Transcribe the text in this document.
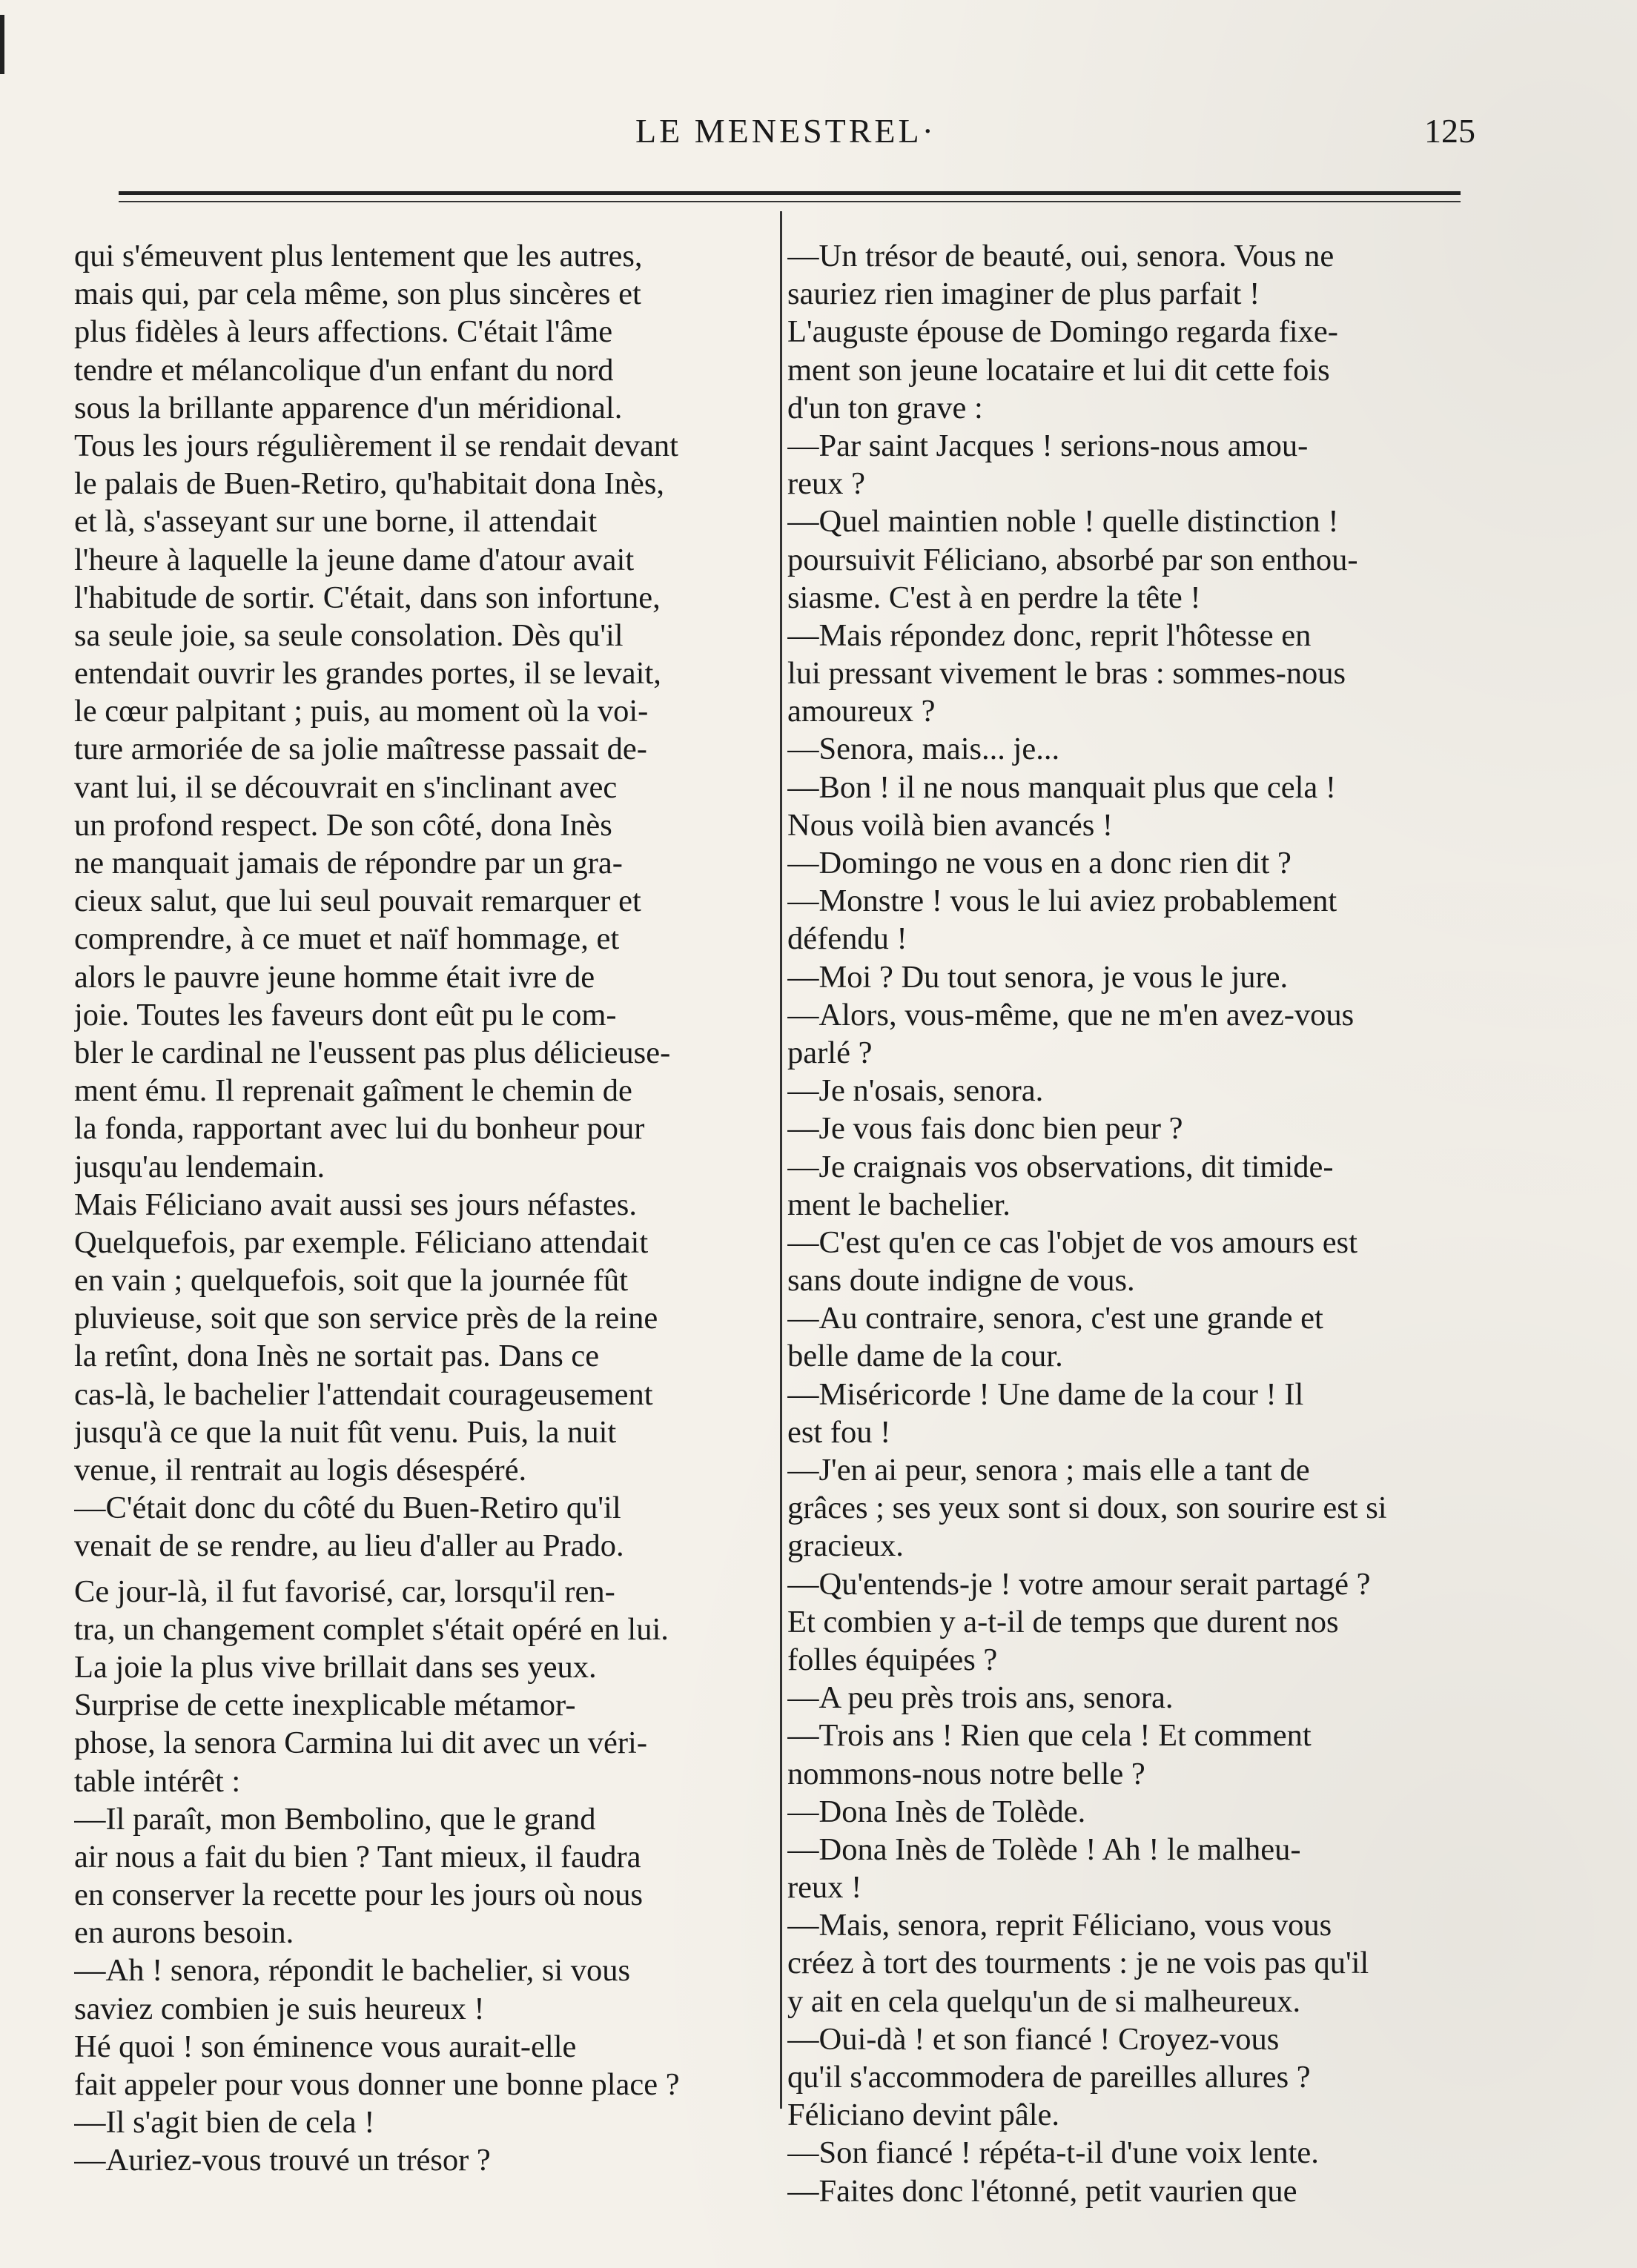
LE MENESTREL·	125
qui s'émeuvent plus lentement que les autres,
mais qui, par cela même, son plus sincères et
plus fidèles à leurs affections. C'était l'âme
tendre et mélancolique d'un enfant du nord
sous la brillante apparence d'un méridional.
Tous les jours régulièrement il se rendait devant
le palais de Buen-Retiro, qu'habitait dona Inès,
et là, s'asseyant sur une borne, il attendait
l'heure à laquelle la jeune dame d'atour avait
l'habitude de sortir. C'était, dans son infortune,
sa seule joie, sa seule consolation. Dès qu'il
entendait ouvrir les grandes portes, il se levait,
le cœur palpitant ; puis, au moment où la voi-
ture armoriée de sa jolie maîtresse passait de-
vant lui, il se découvrait en s'inclinant avec
un profond respect. De son côté, dona Inès
ne manquait jamais de répondre par un gra-
cieux salut, que lui seul pouvait remarquer et
comprendre, à ce muet et naïf hommage, et
alors le pauvre jeune homme était ivre de
joie. Toutes les faveurs dont eût pu le com-
bler le cardinal ne l'eussent pas plus délicieuse-
ment ému. Il reprenait gaîment le chemin de
la fonda, rapportant avec lui du bonheur pour
jusqu'au lendemain.
Mais Féliciano avait aussi ses jours néfastes.
Quelquefois, par exemple. Féliciano attendait
en vain ; quelquefois, soit que la journée fût
pluvieuse, soit que son service près de la reine
la retînt, dona Inès ne sortait pas. Dans ce
cas-là, le bachelier l'attendait courageusement
jusqu'à ce que la nuit fût venu. Puis, la nuit
venue, il rentrait au logis désespéré.
—C'était donc du côté du Buen-Retiro qu'il
venait de se rendre, au lieu d'aller au Prado.
Ce jour-là, il fut favorisé, car, lorsqu'il ren-
tra, un changement complet s'était opéré en lui.
La joie la plus vive brillait dans ses yeux.
Surprise de cette inexplicable métamor-
phose, la senora Carmina lui dit avec un véri-
table intérêt :
—Il paraît, mon Bembolino, que le grand
air nous a fait du bien ? Tant mieux, il faudra
en conserver la recette pour les jours où nous
en aurons besoin.
—Ah ! senora, répondit le bachelier, si vous
saviez combien je suis heureux !
Hé quoi ! son éminence vous aurait-elle
fait appeler pour vous donner une bonne place ?
—Il s'agit bien de cela !
—Auriez-vous trouvé un trésor ?
—Un trésor de beauté, oui, senora. Vous ne
sauriez rien imaginer de plus parfait !
L'auguste épouse de Domingo regarda fixe-
ment son jeune locataire et lui dit cette fois
d'un ton grave :
—Par saint Jacques ! serions-nous amou-
reux ?
—Quel maintien noble ! quelle distinction !
poursuivit Féliciano, absorbé par son enthou-
siasme. C'est à en perdre la tête !
—Mais répondez donc, reprit l'hôtesse en
lui pressant vivement le bras : sommes-nous
amoureux ?
—Senora, mais... je...
—Bon ! il ne nous manquait plus que cela !
Nous voilà bien avancés !
—Domingo ne vous en a donc rien dit ?
—Monstre ! vous le lui aviez probablement
défendu !
—Moi ? Du tout senora, je vous le jure.
—Alors, vous-même, que ne m'en avez-vous
parlé ?
—Je n'osais, senora.
—Je vous fais donc bien peur ?
—Je craignais vos observations, dit timide-
ment le bachelier.
—C'est qu'en ce cas l'objet de vos amours est
sans doute indigne de vous.
—Au contraire, senora, c'est une grande et
belle dame de la cour.
—Miséricorde ! Une dame de la cour ! Il
est fou !
—J'en ai peur, senora ; mais elle a tant de
grâces ; ses yeux sont si doux, son sourire est si
gracieux.
—Qu'entends-je ! votre amour serait partagé ?
Et combien y a-t-il de temps que durent nos
folles équipées ?
—A peu près trois ans, senora.
—Trois ans ! Rien que cela ! Et comment
nommons-nous notre belle ?
—Dona Inès de Tolède.
—Dona Inès de Tolède ! Ah ! le malheu-
reux !
—Mais, senora, reprit Féliciano, vous vous
créez à tort des tourments : je ne vois pas qu'il
y ait en cela quelqu'un de si malheureux.
—Oui-dà ! et son fiancé ! Croyez-vous
qu'il s'accommodera de pareilles allures ?
Féliciano devint pâle.
—Son fiancé ! répéta-t-il d'une voix lente.
—Faites donc l'étonné, petit vaurien que
